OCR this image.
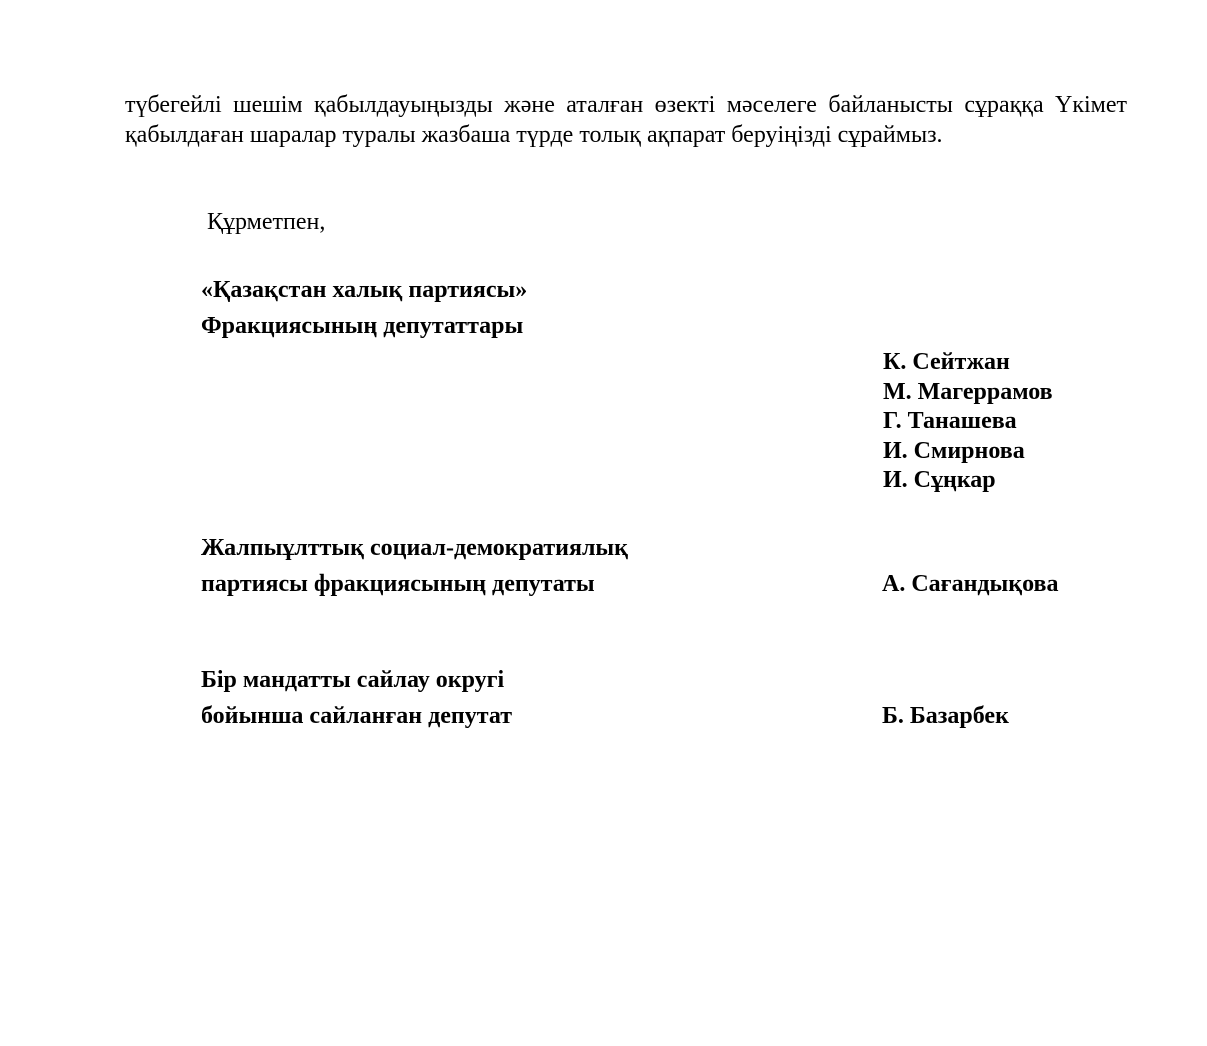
түбегейлі шешім қабылдауыңызды және аталған өзекті мәселеге байланысты сұраққа Үкімет қабылдаған шаралар туралы жазбаша түрде толық ақпарат беруіңізді сұраймыз.
Құрметпен,
«Қазақстан халық партиясы»
Фракциясының депутаттары
К. Сейтжан
М. Магеррамов
Г. Танашева
И. Смирнова
И. Сұңкар
Жалпыұлттық социал-демократиялық
партиясы фракциясының депутаты	А. Сағандықова
Бір мандатты сайлау округі
бойынша сайланған депутат	Б. Базарбек
